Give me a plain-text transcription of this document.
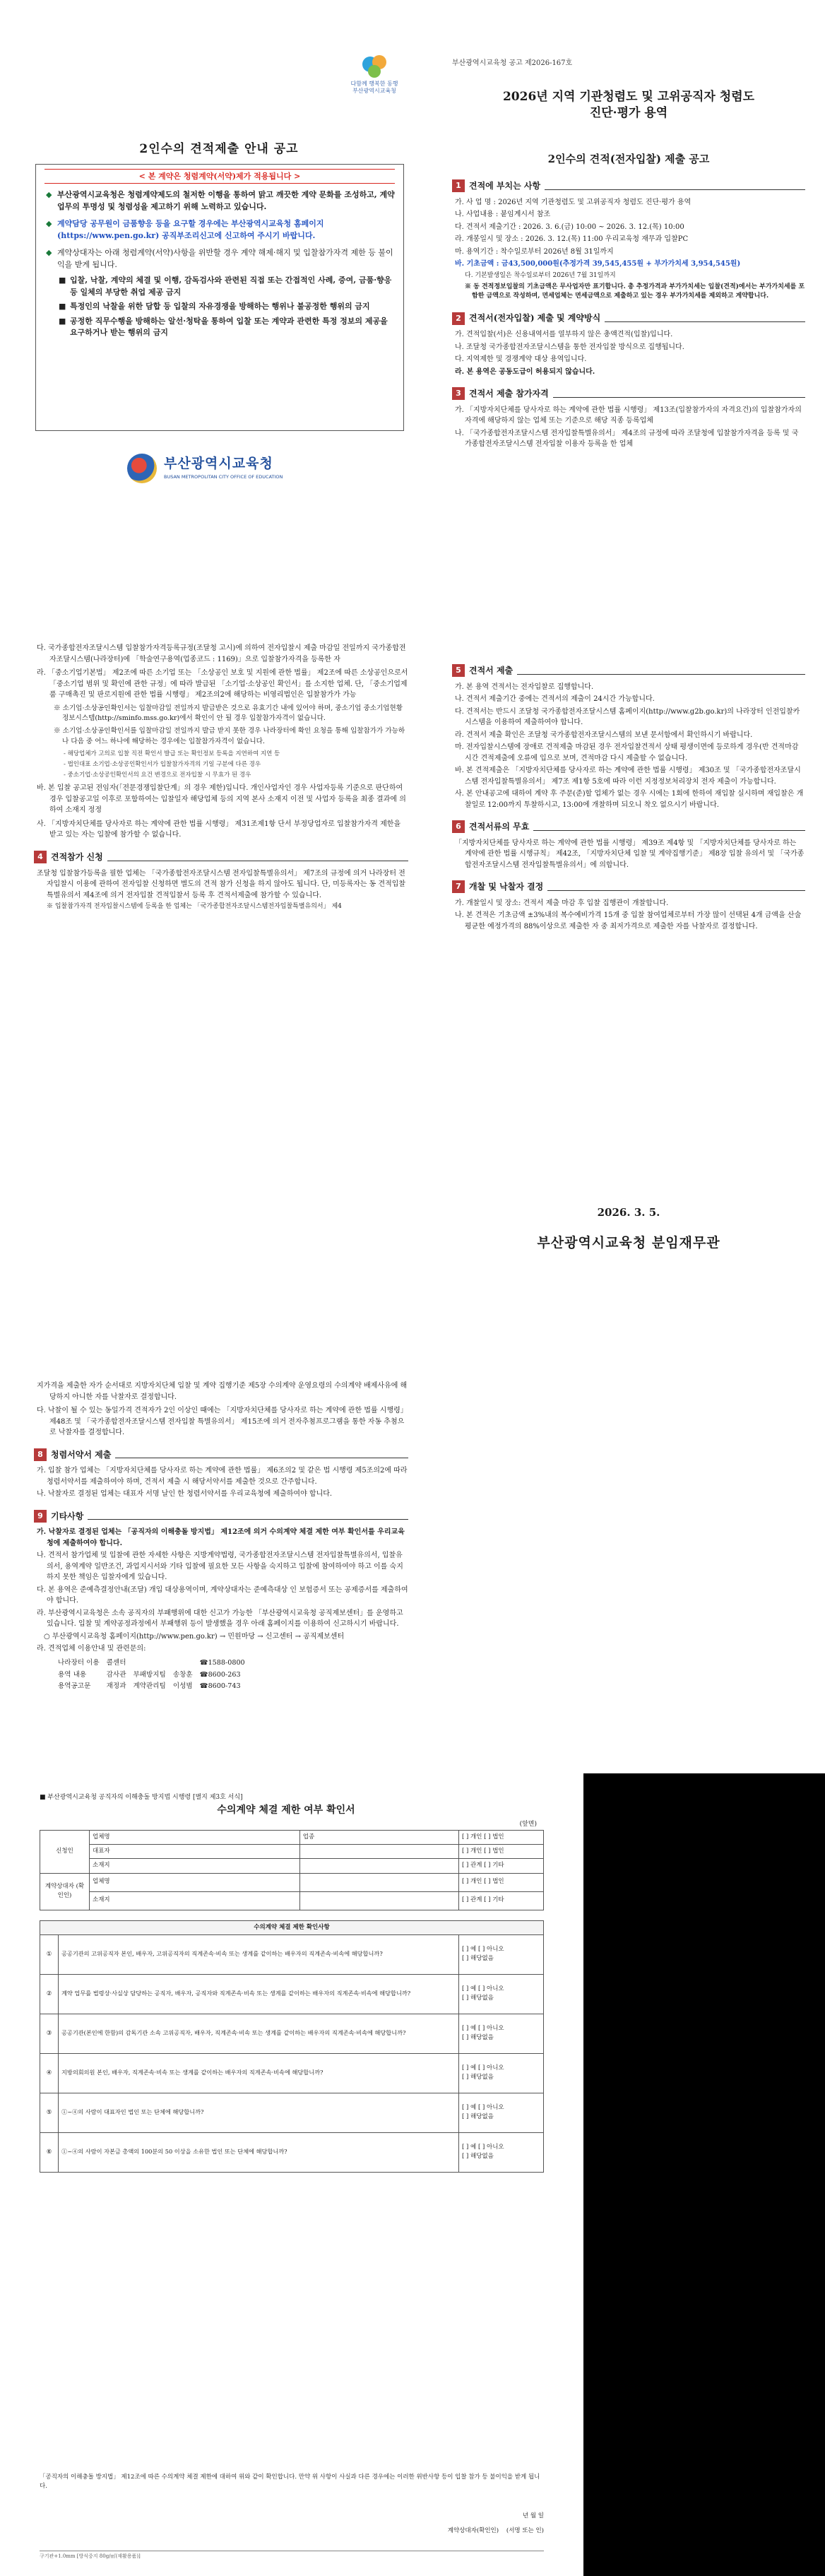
다함께 행복한 동행
부산광역시교육청
2인수의 견적제출 안내 공고
< 본 계약은 청렴계약(서약)제가 적용됩니다 >
◆ 부산광역시교육청은 청렴계약제도의 철저한 이행을 통하여 맑고 깨끗한 계약 문화를 조성하고, 계약업무의 투명성 및 청렴성을 제고하기 위해 노력하고 있습니다.
◆ 계약담당 공무원이 금품향응 등을 요구할 경우에는 부산광역시교육청 홈페이지(https://www.pen.go.kr) 공직부조리신고에 신고하여 주시기 바랍니다.
◆ 계약상대자는 아래 청렴계약(서약)사항을 위반할 경우 계약 해제·해지 및 입찰참가자격 제한 등 불이익을 받게 됩니다.
■ 입찰, 낙찰, 계약의 체결 및 이행, 감독검사와 관련된 직접 또는 간접적인 사례, 증여, 금품·향응 등 일체의 부당한 취업 제공 금지
■ 특정인의 낙찰을 위한 담합 등 입찰의 자유경쟁을 방해하는 행위나 불공정한 행위의 금지
■ 공정한 직무수행을 방해하는 알선·청탁을 통하여 입찰 또는 계약과 관련한 특정 정보의 제공을 요구하거나 받는 행위의 금지
부산광역시교육청
BUSAN METROPOLITAN CITY OFFICE OF EDUCATION
부산광역시교육청 공고 제2026-167호
2026년 지역 기관청렴도 및 고위공직자 청렴도
진단·평가 용역
2인수의 견적(전자입찰) 제출 공고
1 견적에 부치는 사항
가. 사 업 명 : 2026년 지역 기관청렴도 및 고위공직자 청렴도 진단·평가 용역
나. 사업내용 : 붙임계시서 참조
다. 견적서 제출기간 : 2026. 3. 6.(금) 10:00 ~ 2026. 3. 12.(목) 10:00
라. 개봉일시 및 장소 : 2026. 3. 12.(목) 11:00 우리교육청 재무과 입찰PC
마. 용역기간 : 착수일로부터 2026년 8월 31일까지
바. 기초금액 : 금43,500,000원(추정가격 39,545,455원 + 부가가치세 3,954,545원)
다. 기본발생일은 착수일로부터 2026년 7월 31일까지
※ 동 견적정보입찰의 기초금액은 무사업자만 표기합니다. 총 추정가격과 부가가치세는 입찰(견적)에서는 부가가치세를 포함한 금액으로 작성하며, 면세업체는 면세금액으로 제출하고 있는 경우 부가가치세를 제외하고 계약합니다.
2 견적서(전자입찰) 제출 및 계약방식
가. 견적입찰(서)은 신용내역서를 열부하지 않은 총액견적(입찰)입니다.
나. 조달청 국가종합전자조달시스템을 통한 전자입찰 방식으로 집행됩니다.
다. 지역제한 및 경쟁계약 대상 용역입니다.
라. 본 용역은 공동도급이 허용되지 않습니다.
3 견적서 제출 참가자격
가. 「지방자치단체를 당사자로 하는 계약에 관한 법률 시행령」 제13조(입찰참가자의 자격요건)의 입찰참가자의 자격에 해당하지 않는 업체 또는 기준으로 해당 직종 등록업체
나. 「국가종합전자조달시스템 전자입찰특별유의서」 제4조의 규정에 따라 조달청에 입찰참가자격을 등록 및 국가종합전자조달시스템 전자입찰 이용자 등록을 한 업체
다. 국가종합전자조달시스템 입찰참가자격등록규정(조달청 고시)에 의하여 전자입찰시 제출 마감일 전일까지 국가종합전자조달시스템(나라장터)에 「학술연구용역(업종코드 : 1169)」으로 입찰참가자격을 등록한 자
라. 「중소기업기본법」 제2조에 따른 소기업 또는 「소상공인 보호 및 지원에 관한 법률」 제2조에 따른 소상공인으로서 「중소기업 범위 및 확인에 관한 규정」에 따라 발급된 「소기업·소상공인 확인서」를 소지한 업체. 단, 「중소기업제품 구매촉진 및 판로지원에 관한 법률 시행령」 제2조의2에 해당하는 비영리법인은 입찰참가가 가능
※ 소기업·소상공인확인서는 입찰마감일 전일까지 발급받은 것으로 유효기간 내에 있어야 하며, 중소기업 중소기업현황정보시스템(http://sminfo.mss.go.kr)에서 확인이 안 될 경우 입찰참가자격이 없습니다.
※ 소기업·소상공인확인서를 입찰마감일 전일까지 발급 받지 못한 경우 나라장터에 확인 요청을 통해 입찰참가가 가능하나 다음 중 어느 하나에 해당하는 경우에는 입찰참가자격이 없습니다.
- 해당업체가 고의로 입찰 직전 확인서 발급 또는 확인정보 등록을 지연하여 지연 등
- 법인대표 소기업·소상공인확인서가 입찰참가자격의 기일 구분에 다른 경우
- 중소기업·소상공인확인서의 요건 변경으로 전자입찰 시 무효가 된 경우
바. 본 입찰 공고된 전임자(「전문경쟁입찰단계」의 경우 제한)입니다. 개인사업자인 경우 사업자등록 기준으로 판단하여 경우 입찰공고일 이후로 포함하여는 입찰일자 해당업체 등의 지역 본사 소재지 이전 및 사업자 등록을 최종 결과에 의하여 소재지 정정
사. 「지방자치단체를 당사자로 하는 계약에 관한 법률 시행령」 제31조제1항 단서 부정당업자로 입찰참가자격 제한을 받고 있는 자는 입찰에 참가할 수 없습니다.
4 견적참가 신청
조달청 입찰참가등록을 필한 업체는 「국가종합전자조달시스템 전자입찰특별유의서」 제7조의 규정에 의거 나라장터 전자입찰시 이용에 관하여 전자입찰 신청하면 별도의 견적 참가 신청을 하지 않아도 됩니다. 단, 미등록자는 동 견적입찰특별유의서 제4조에 의거 전자입찰 견적입찰서 등록 후 견적서제출에 참가할 수 있습니다.
※ 입찰참가자격 전자입찰시스템에 등록을 한 업체는 「국가종합전자조달시스템전자입찰특별유의서」 제4
5 견적서 제출
가. 본 용역 견적서는 전자입찰로 집행합니다.
나. 견적서 제출기간 중에는 견적서의 제출이 24시간 가능합니다.
다. 견적서는 반드시 조달청 국가종합전자조달시스템 홈페이지(http://www.g2b.go.kr)의 나라장터 인전입찰카시스템을 이용하여 제출하여야 합니다.
라. 견적서 제출 확인은 조달청 국가종합전자조달시스템의 보낸 문서함에서 확인하시기 바랍니다.
마. 전자입찰시스템에 장애로 견적제출 마감된 경우 전자입찰견적서 상태 평생이면에 등로하게 경우(반 견적마감 시간 견적제출에 오류에 입으로 보며, 견적마감 다시 제출할 수 없습니다.
바. 본 견적제출은 「지방자치단체를 당사자로 하는 계약에 관한 법률 시행령」 제30조 및 「국가종합전자조달시스템 전자입찰특별유의서」 제7조 제1항 5호에 따라 이런 지정정보처리장치 전자 제출이 가능합니다.
사. 본 안내공고에 대하여 계약 후 주문(준)할 업체가 없는 경우 시에는 1회에 한하여 재입찰 실시하며 재입찰은 개찰일로 12:00까지 투찰하시고, 13:00에 개찰하며 되오니 착오 없으시기 바랍니다.
6 견적서류의 무효
「지방자치단체를 당사자로 하는 계약에 관한 법률 시행령」 제39조 제4항 및 「지방자치단체를 당사자로 하는 계약에 관한 법률 시행규칙」 제42조, 「지방자치단체 입찰 및 계약집행기준」 제8장 입찰 유의서 및 「국가종합전자조달시스템 전자입찰특별유의서」에 의합니다.
7 개찰 및 낙찰자 결정
가. 개찰일시 및 장소: 견적서 제출 마감 후 입찰 집행관이 개찰합니다.
나. 본 견적은 기초금액 ±3%내의 복수예비가격 15개 중 입찰 참여업체로부터 가장 많이 선택된 4개 금액을 산술 평균한 예정가격의 88%이상으로 제출한 자 중 최저가격으로 제출한 자를 낙찰자로 결정합니다.
2026. 3. 5.
부산광역시교육청 분임재무관
지가격을 제출한 자가 순서대로 지방자치단체 입찰 및 계약 집행기준 제5장 수의계약 운영요령의 수의계약 배제사유에 해당하지 아니한 자를 낙찰자로 결정합니다.
다. 낙찰이 될 수 있는 동일가격 견적자가 2인 이상인 때에는 「지방자치단체를 당사자로 하는 계약에 관한 법률 시행령」 제48조 및 「국가종합전자조달시스템 전자입찰 특별유의서」 제15조에 의거 전자추첨프로그램을 통한 자동 추첨으로 낙찰자를 결정합니다.
8 청렴서약서 제출
가. 입찰 참가 업체는 「지방자치단체를 당사자로 하는 계약에 관한 법률」 제6조의2 및 같은 법 시행령 제5조의2에 따라 청렴서약서를 제출하여야 하며, 견적서 제출 시 해당서약서를 제출한 것으로 간주합니다.
나. 낙찰자로 결정된 업체는 대표자 서명 날인 한 청렴서약서를 우리교육청에 제출하여야 합니다.
9 기타사항
가. 낙찰자로 결정된 업체는 「공직자의 이해충돌 방지법」 제12조에 의거 수의계약 체결 제한 여부 확인서를 우리교육청에 제출하여야 합니다.
나. 견적서 참가업체 및 입찰에 관한 자세한 사항은 지방계약법령, 국가종합전자조달시스템 전자입찰특별유의서, 입찰유의서, 용역계약 일반조건, 과업지시서와 기타 입찰에 필요한 모든 사항을 숙지하고 입찰에 참여하여야 하고 이를 숙지하지 못한 책임은 입찰자에게 있습니다.
다. 본 용역은 준예측결정안내(조달) 개입 대상용역이며, 계약상대자는 준예측대상 인 보험증서 또는 공제증서를 제출하여야 합니다.
라. 부산광역시교육청은 소속 공직자의 부패행위에 대한 신고가 가능한 「부산광역시교육청 공직제보센터」를 운영하고 있습니다. 입찰 및 계약공정과정에서 부패행위 등이 발생했을 경우 아래 홈페이지를 이용하여 신고하시기 바랍니다.
○ 부산광역시교육청 홈페이지(http://www.pen.go.kr) → 민원마당 → 신고센터 → 공직제보센터
라. 견적업체 이용안내 및 관련문의:
나라장터 이용	콜센터			☎1588-0800
용역 내용	감사관	부패방지팀	송창훈	☎8600-263
용역공고문	재정과	계약관리팀	이성범	☎8600-743
■ 부산광역시교육청 공직자의 이해충돌 방지법 시행령 [별지 제3호 서식]
수의계약 체결 제한 여부 확인서
(앞면)
신청인	업체명	업종	[ ] 개인 [ ] 법인
	대표자		[ ] 개인 [ ] 법인
	소재지		[ ] 관계 [ ] 기타
계약상대자 (확인인)	업체명		[ ] 개인 [ ] 법인
	소재지		[ ] 관계 [ ] 기타
수의계약 체결 제한 확인사항		
①	공공기관의 고위공직자 본인, 배우자, 고위공직자의 직계존속·비속 또는 생계를 같이하는 배우자의 직계존속·비속에 해당합니까?	[ ] 예 [ ] 아니오
[ ] 해당없음

②	계약 업무를 법령상·사실상 담당하는 공직자, 배우자, 공직자와 직계존속·비속 또는 생계를 같이하는 배우자의 직계존속·비속에 해당합니까?	[ ] 예 [ ] 아니오
[ ] 해당없음

③	공공기관(본인에 한함)의 감독기관 소속 고위공직자, 배우자, 직계존속·비속 또는 생계를 같이하는 배우자의 직계존속·비속에 해당합니까?	[ ] 예 [ ] 아니오
[ ] 해당없음

④	지방의회의원 본인, 배우자, 직계존속·비속 또는 생계를 같이하는 배우자의 직계존속·비속에 해당합니까?	[ ] 예 [ ] 아니오
[ ] 해당없음

⑤	①~④의 사람이 대표자인 법인 또는 단체에 해당합니까?	[ ] 예 [ ] 아니오
[ ] 해당없음

⑥	①~④의 사람이 자본금 총액의 100분의 50 이상을 소유한 법인 또는 단체에 해당합니까?	[ ] 예 [ ] 아니오
[ ] 해당없음
「공직자의 이해충돌 방지법」 제12조에 따른 수의계약 체결 제한에 대하여 위와 같이 확인합니다. 만약 위 사항이 사실과 다른 경우에는 이러한 위반사항 등이 입찰 참가 등 불이익을 받게 됩니다.
년 월 일
계약상대자(확인인) (서명 또는 인)
구기관+1.0mm [방식중지 80g/㎡(재활용품)]
